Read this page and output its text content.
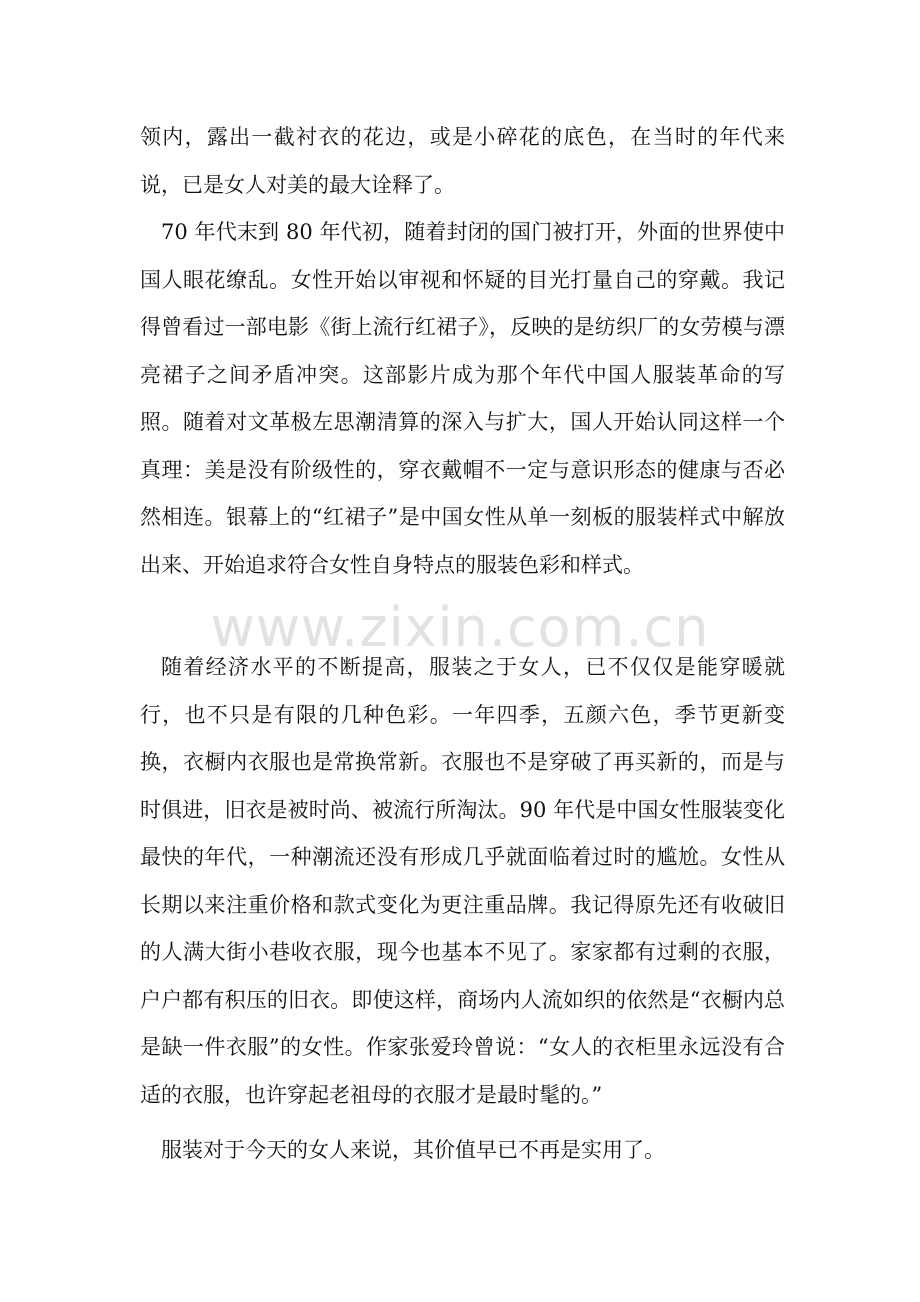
领内，露出一截衬衣的花边，或是小碎花的底色，在当时的年代来说，已是女人对美的最大诠释了。

70 年代末到 80 年代初，随着封闭的国门被打开，外面的世界使中国人眼花缭乱。女性开始以审视和怀疑的目光打量自己的穿戴。我记得曾看过一部电影《街上流行红裙子》，反映的是纺织厂的女劳模与漂亮裙子之间矛盾冲突。这部影片成为那个年代中国人服装革命的写照。随着对文革极左思潮清算的深入与扩大，国人开始认同这样一个真理：美是没有阶级性的，穿衣戴帽不一定与意识形态的健康与否必然相连。银幕上的“红裙子”是中国女性从单一刻板的服装样式中解放出来、开始追求符合女性自身特点的服装色彩和样式。

www.zixin.com.cn

随着经济水平的不断提高，服装之于女人，已不仅仅是能穿暖就行，也不只是有限的几种色彩。一年四季，五颜六色，季节更新变换，衣橱内衣服也是常换常新。衣服也不是穿破了再买新的，而是与时俱进，旧衣是被时尚、被流行所淘汰。90 年代是中国女性服装变化最快的年代，一种潮流还没有形成几乎就面临着过时的尴尬。女性从长期以来注重价格和款式变化为更注重品牌。我记得原先还有收破旧的人满大街小巷收衣服，现今也基本不见了。家家都有过剩的衣服，户户都有积压的旧衣。即使这样，商场内人流如织的依然是“衣橱内总是缺一件衣服”的女性。作家张爱玲曾说：“女人的衣柜里永远没有合适的衣服，也许穿起老祖母的衣服才是最时髦的。”

服装对于今天的女人来说，其价值早已不再是实用了。
